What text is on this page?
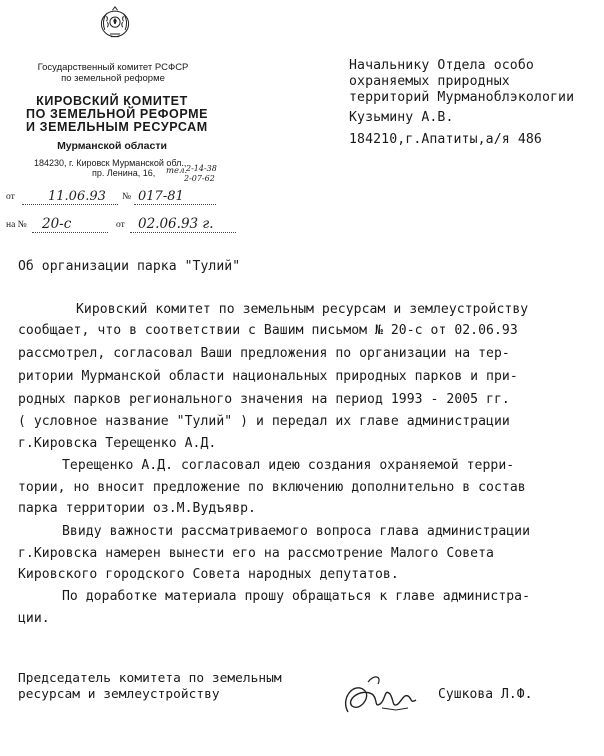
Государственный комитет РСФСР
по земельной реформе
КИРОВСКИЙ КОМИТЕТ
ПО ЗЕМЕЛЬНОЙ РЕФОРМЕ
И ЗЕМЕЛЬНЫМ РЕСУРСАМ
Мурманской области
184230, г. Кировск Мурманской обл.,
пр. Ленина, 16, тел.
2-14-38
2-07-62
от	11.06.93 № 017-81
на № 20-с	от 02.06.93 г.
Начальнику Отдела особо
охраняемых природных
территорий Мурманоблэкологии
Кузьмину А.В.
184210,г.Апатиты,а/я 486
Об организации парка "Тулий"
Кировский комитет по земельным ресурсам и землеустройству
сообщает, что в соответствии с Вашим письмом № 20-с от 02.06.93
рассмотрел, согласовал Ваши предложения по организации на тер-
ритории Мурманской области национальных природных парков и при-
родных парков регионального значения на период 1993 - 2005 гг.
( условное название "Тулий" ) и передал их главе администрации
г.Кировска Терещенко А.Д.
Терещенко А.Д. согласовал идею создания охраняемой терри-
тории, но вносит предложение по включению дополнительно в состав
парка территории оз.М.Вудъявр.
Ввиду важности рассматриваемого вопроса глава администрации
г.Кировска намерен вынести его на рассмотрение Малого Совета
Кировского городского Совета народных депутатов.
По доработке материала прошу обращаться к главе администра-
ции.
Председатель комитета по земельным
ресурсам и землеустройству	Сушкова Л.Ф.
